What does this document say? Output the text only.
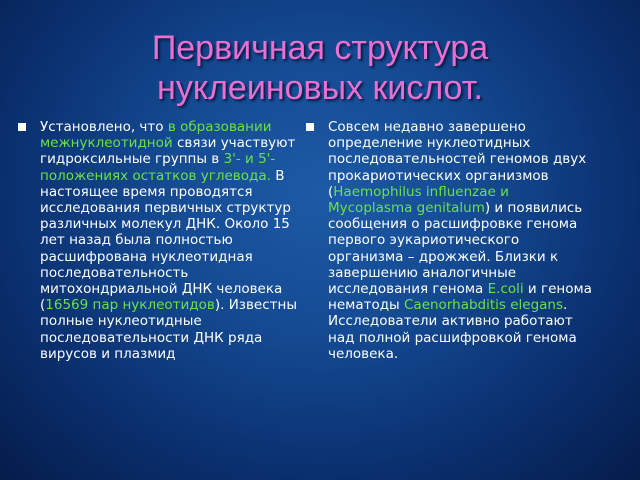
Первичная структура
нуклеиновых кислот.

Установлено, что в образовании межнуклеотидной связи участвуют гидроксильные группы в 3'- и 5'-положениях остатков углевода. В настоящее время проводятся исследования первичных структур различных молекул ДНК. Около 15 лет назад была полностью расшифрована нуклеотидная последовательность митохондриальной ДНК человека (16569 пар нуклеотидов). Известны полные нуклеотидные последовательности ДНК ряда вирусов и плазмид

Совсем недавно завершено определение нуклеотидных последовательностей геномов двух прокариотических организмов (Haemophilus influenzae и Mycoplasma genitalum) и появились сообщения о расшифровке генома первого эукариотического организма – дрожжей. Близки к завершению аналогичные исследования генома E.coli и генома нематоды Caenorhabditis elegans. Исследователи активно работают над полной расшифровкой генома человека.
